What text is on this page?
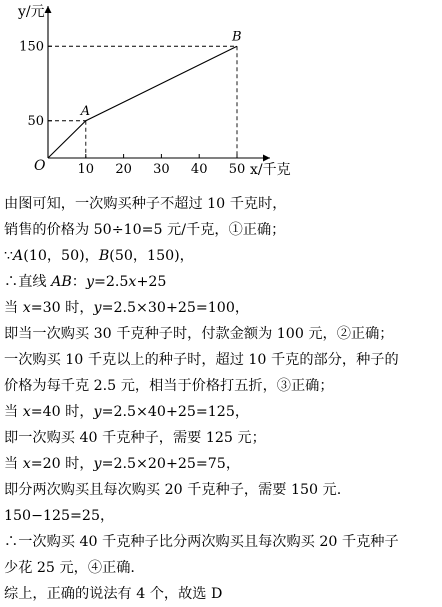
10 20 30 40 50
50
150
A
B
y/元
x/千克
O
由图可知，一次购买种子不超过 10 千克时，
销售的价格为 50÷10=5 元/千克，①正确；
∵A(10，50)，B(50，150)，
∴直线 AB：y=2.5x+25
当 x=30 时，y=2.5×30+25=100，
即当一次购买 30 千克种子时，付款金额为 100 元，②正确；
一次购买 10 千克以上的种子时，超过 10 千克的部分，种子的
价格为每千克 2.5 元，相当于价格打五折，③正确；
当 x=40 时，y=2.5×40+25=125，
即一次购买 40 千克种子，需要 125 元；
当 x=20 时，y=2.5×20+25=75，
即分两次购买且每次购买 20 千克种子，需要 150 元.
150−125=25，
∴一次购买 40 千克种子比分两次购买且每次购买 20 千克种子
少花 25 元，④正确.
综上，正确的说法有 4 个，故选 D
